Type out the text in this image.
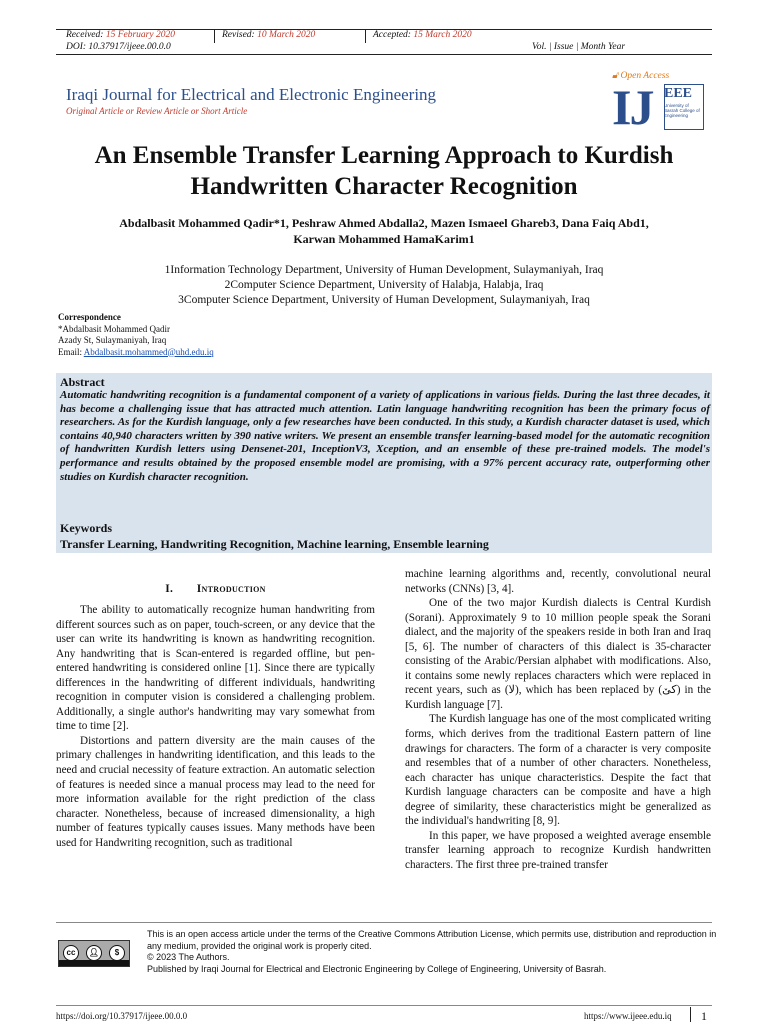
Received: 15 February 2020	Revised: 10 March 2020	Accepted: 15 March 2020
DOI: 10.37917/ijeee.00.0.0	Vol. | Issue | Month Year
🔓︎ Open Access
Iraqi Journal for Electrical and Electronic Engineering
Original Article or Review Article or Short Article	IJ EEE
University of Basrah College of Engineering
An Ensemble Transfer Learning Approach to Kurdish
Handwritten Character Recognition
Abdalbasit Mohammed Qadir*1, Peshraw Ahmed Abdalla2, Mazen Ismaeel Ghareb3, Dana Faiq Abd1,
Karwan Mohammed HamaKarim1
1Information Technology Department, University of Human Development, Sulaymaniyah, Iraq
2Computer Science Department, University of Halabja, Halabja, Iraq
3Computer Science Department, University of Human Development, Sulaymaniyah, Iraq
Correspondence
*Abdalbasit Mohammed Qadir
Azady St, Sulaymaniyah, Iraq
Email: Abdalbasit.mohammed@uhd.edu.iq
Abstract
Automatic handwriting recognition is a fundamental component of a variety of applications in various fields. During the last three decades, it has become a challenging issue that has attracted much attention. Latin language handwriting recognition has been the primary focus of researchers. As for the Kurdish language, only a few researches have been conducted. In this study, a Kurdish character dataset is used, which contains 40,940 characters written by 390 native writers. We present an ensemble transfer learning-based model for the automatic recognition of handwritten Kurdish letters using Densenet-201, InceptionV3, Xception, and an ensemble of these pre-trained models. The model's performance and results obtained by the proposed ensemble model are promising, with a 97% percent accuracy rate, outperforming other studies on Kurdish character recognition.
Keywords
Transfer Learning, Handwriting Recognition, Machine learning, Ensemble learning
I.  Introduction

The ability to automatically recognize human handwriting from different sources such as on paper, touch-screen, or any device that the user can write its handwriting is known as handwriting recognition. Any handwriting that is Scan-entered is regarded offline, but pen-entered handwriting is considered online [1]. Since there are typically differences in the handwriting of different individuals, handwriting recognition in computer vision is considered a challenging problem. Additionally, a single author's handwriting may vary somewhat from time to time [2].

Distortions and pattern diversity are the main causes of the primary challenges in handwriting identification, and this leads to the need and crucial necessity of feature extraction. An automatic selection of features is needed since a manual process may lead to the need for more information available for the right prediction of the class character. Nonetheless, because of increased dimensionality, a high number of features typically causes issues. Many methods have been used for Handwriting recognition, such as traditional

machine learning algorithms and, recently, convolutional neural networks (CNNs) [3, 4].

One of the two major Kurdish dialects is Central Kurdish (Sorani). Approximately 9 to 10 million people speak the Sorani dialect, and the majority of the speakers reside in both Iran and Iraq [5, 6]. The number of characters of this dialect is 35-character consisting of the Arabic/Persian alphabet with modifications. Also, it contains some newly replaces characters which were replaced in recent years, such as (لا), which has been replaced by (کێ) in the Kurdish language [7].

The Kurdish language has one of the most complicated writing forms, which derives from the traditional Eastern pattern of line drawings for characters. The form of a character is very composite and resembles that of a number of other characters. Nonetheless, each character has unique characteristics. Despite the fact that Kurdish language characters can be composite and have a high degree of similarity, these characteristics might be generalized as the individual's handwriting [8, 9].

In this paper, we have proposed a weighted average ensemble transfer learning approach to recognize Kurdish handwritten characters. The first three pre-trained transfer

cc	👤︎	$
This is an open access article under the terms of the Creative Commons Attribution License, which permits use, distribution and reproduction in any medium, provided the original work is properly cited.
© 2023 The Authors.
Published by Iraqi Journal for Electrical and Electronic Engineering by College of Engineering, University of Basrah.
https://doi.org/10.37917/ijeee.00.0.0	https://www.ijeee.edu.iq 1
